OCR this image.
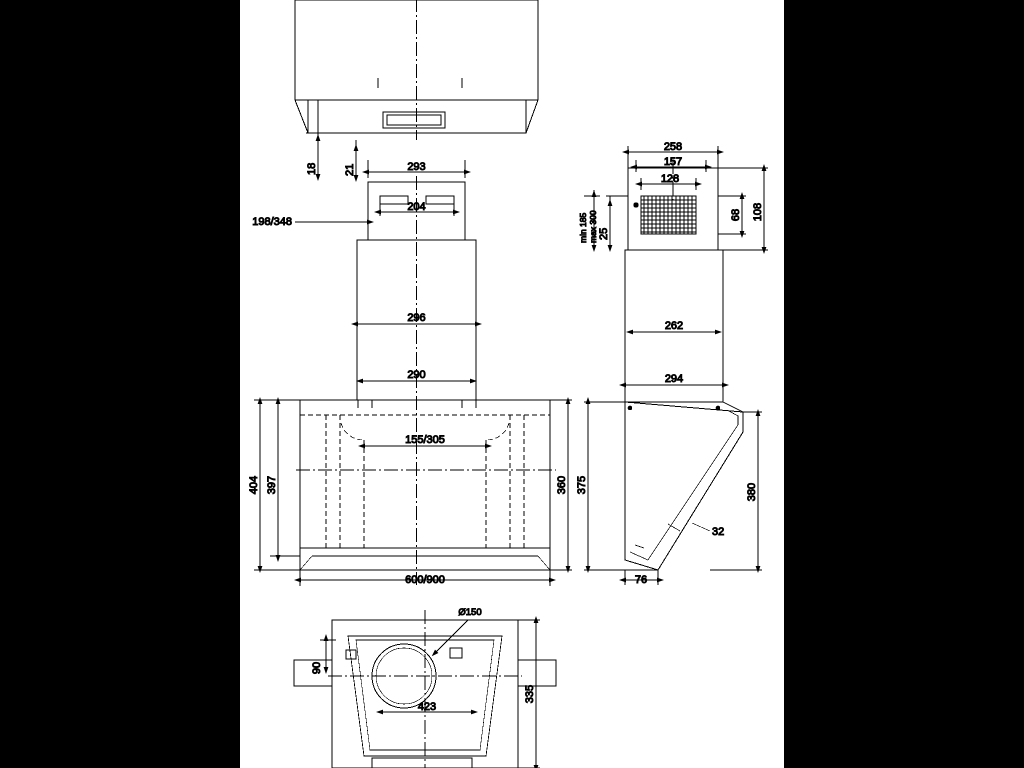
18 21	293
204
198/348
296
290
155/305
404 397	360
600/900
258
157
128
108
68
25
min 185 max 300
262
294
375	380
32
76
Ø150
90
423
335
